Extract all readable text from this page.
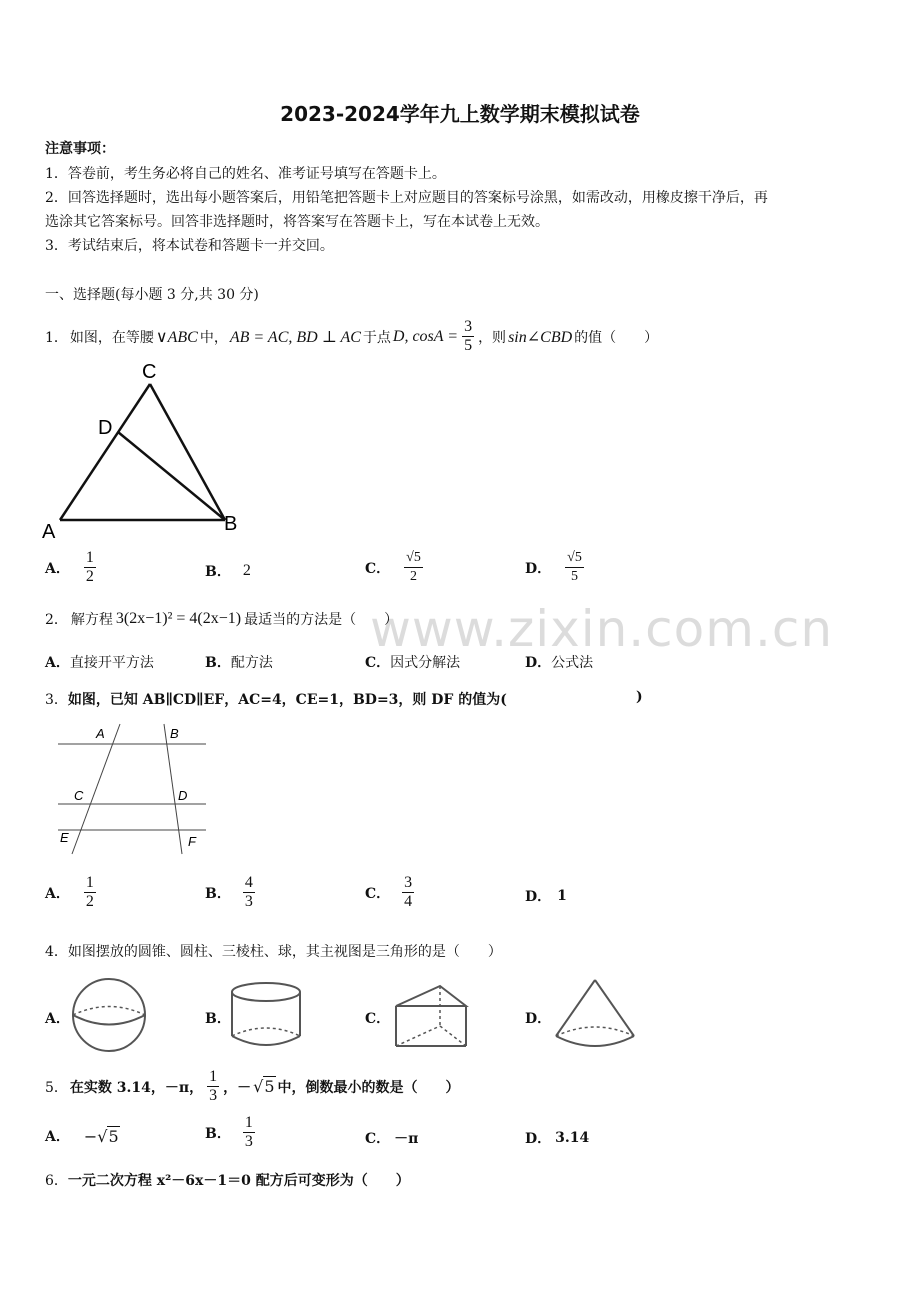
www.zixin.com.cn
2023-2024学年九上数学期末模拟试卷
注意事项：
1．答卷前，考生务必将自己的姓名、准考证号填写在答题卡上。
2．回答选择题时，选出每小题答案后，用铅笔把答题卡上对应题目的答案标号涂黑，如需改动，用橡皮擦干净后，再
选涂其它答案标号。回答非选择题时，将答案写在答题卡上，写在本试卷上无效。
3．考试结束后，将本试卷和答题卡一并交回。
一、选择题(每小题 3 分,共 30 分)
1． 如图，在等腰 ∨ABC 中， AB = AC, BD ⊥ AC 于点 D, $\cos A = \frac{3}{5}$ ，则 sin∠CBD 的值（　　）
C
D
A	B
A． $\frac{1}{2}$	B． 2	C． $\frac{√5}{2}$	D． $\frac{√5}{5}$
2． 解方程 3(2x−1)² = 4(2x−1) 最适当的方法是（　　）
A．直接开平方法	B．配方法	C．因式分解法	D．公式法
3．如图，已知 AB∥CD∥EF，AC=4，CE=1，BD=3，则 DF 的值为(	)
A	B
C	D
E	F
A． $\frac{1}{2}$	B． $\frac{4}{3}$	C． $\frac{3}{4}$	D． 1
4．如图摆放的圆锥、圆柱、三棱柱、球，其主视图是三角形的是（　　）
A．	B．	C．	D．
5． 在实数 3.14，－π， $\frac{1}{3}$ ，－ √5 中，倒数最小的数是（　　）
A． − √5	B． $\frac{1}{3}$	C． －π	D． 3.14
6．一元二次方程 x²－6x－1＝0 配方后可变形为（　　）
